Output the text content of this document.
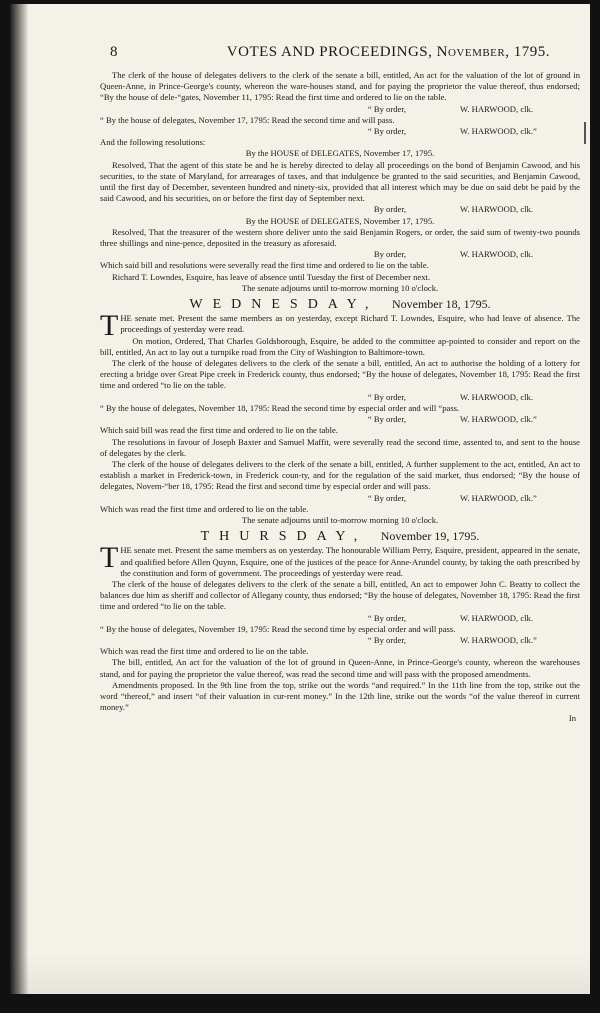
8	VOTES AND PROCEEDINGS, November, 1795.

The clerk of the house of delegates delivers to the clerk of the senate a bill, entitled, An act for the valuation of the lot of ground in Queen-Anne, in Prince-George's county, whereon the ware-houses stand, and for paying the proprietor the value thereof, thus endorsed; “By the house of dele-“gates, November 11, 1795: Read the first time and ordered to lie on the table.

“ By order,	W. HARWOOD, clk.

“ By the house of delegates, November 17, 1795: Read the second time and will pass.

“ By order,	W. HARWOOD, clk.”

And the following resolutions:

By the HOUSE of DELEGATES, November 17, 1795.

Resolved, That the agent of this state be and he is hereby directed to delay all proceedings on the bond of Benjamin Cawood, and his securities, to the state of Maryland, for arrearages of taxes, and that indulgence be granted to the said securities, and Benjamin Cawood, until the first day of December, seventeen hundred and ninety-six, provided that all interest which may be due on said debt be paid by the said Cawood, and his securities, on or before the first day of September next.

By order,	W. HARWOOD, clk.

By the HOUSE of DELEGATES, November 17, 1795.

Resolved, That the treasurer of the western shore deliver unto the said Benjamin Rogers, or order, the said sum of twenty-two pounds three shillings and nine-pence, deposited in the treasury as aforesaid.

By order,	W. HARWOOD, clk.

Which said bill and resolutions were severally read the first time and ordered to lie on the table.

Richard T. Lowndes, Esquire, has leave of absence until Tuesday the first of December next.

The senate adjourns until to-morrow morning 10 o'clock.

WEDNESDAY, November 18, 1795.

THE senate met. Present the same members as on yesterday, except Richard T. Lowndes, Esquire, who had leave of absence. The proceedings of yesterday were read.

On motion, Ordered, That Charles Goldsborough, Esquire, be added to the committee ap-pointed to consider and report on the bill, entitled, An act to lay out a turnpike road from the City of Washington to Baltimore-town.

The clerk of the house of delegates delivers to the clerk of the senate a bill, entitled, An act to authorise the holding of a lottery for erecting a bridge over Great Pipe creek in Frederick county, thus endorsed; “By the house of delegates, November 18, 1795: Read the first time and ordered “to lie on the table.

“ By order,	W. HARWOOD, clk.

“ By the house of delegates, November 18, 1795: Read the second time by especial order and will “pass.

“ By order,	W. HARWOOD, clk.”

Which said bill was read the first time and ordered to lie on the table.

The resolutions in favour of Joseph Baxter and Samuel Maffit, were severally read the second time, assented to, and sent to the house of delegates by the clerk.

The clerk of the house of delegates delivers to the clerk of the senate a bill, entitled, A further supplement to the act, entitled, An act to establish a market in Frederick-town, in Frederick coun-ty, and for the regulation of the said market, thus endorsed; “By the house of delegates, Novem-“ber 18, 1795: Read the first and second time by especial order and will pass.

“ By order,	W. HARWOOD, clk.”

Which was read the first time and ordered to lie on the table.

The senate adjourns until to-morrow morning 10 o'clock.

THURSDAY, November 19, 1795.

THE senate met. Present the same members as on yesterday. The honourable William Perry, Esquire, president, appeared in the senate, and qualified before Allen Quynn, Esquire, one of the justices of the peace for Anne-Arundel county, by taking the oath prescribed by the constitution and form of government. The proceedings of yesterday were read.

The clerk of the house of delegates delivers to the clerk of the senate a bill, entitled, An act to empower John C. Beatty to collect the balances due him as sheriff and collector of Allegany county, thus endorsed; “By the house of delegates, November 18, 1795: Read the first time and ordered “to lie on the table.

“ By order,	W. HARWOOD, clk.

“ By the house of delegates, November 19, 1795: Read the second time by especial order and will pass.

“ By order,	W. HARWOOD, clk.”

Which was read the first time and ordered to lie on the table.

The bill, entitled, An act for the valuation of the lot of ground in Queen-Anne, in Prince-George's county, whereon the warehouses stand, and for paying the proprietor the value thereof, was read the second time and will pass with the proposed amendments.

Amendments proposed. In the 9th line from the top, strike out the words “and required.” In the 11th line from the top, strike out the word “thereof,” and insert “of their valuation in cur-rent money.” In the 12th line, strike out the words “of the value thereof in current money.”

In
